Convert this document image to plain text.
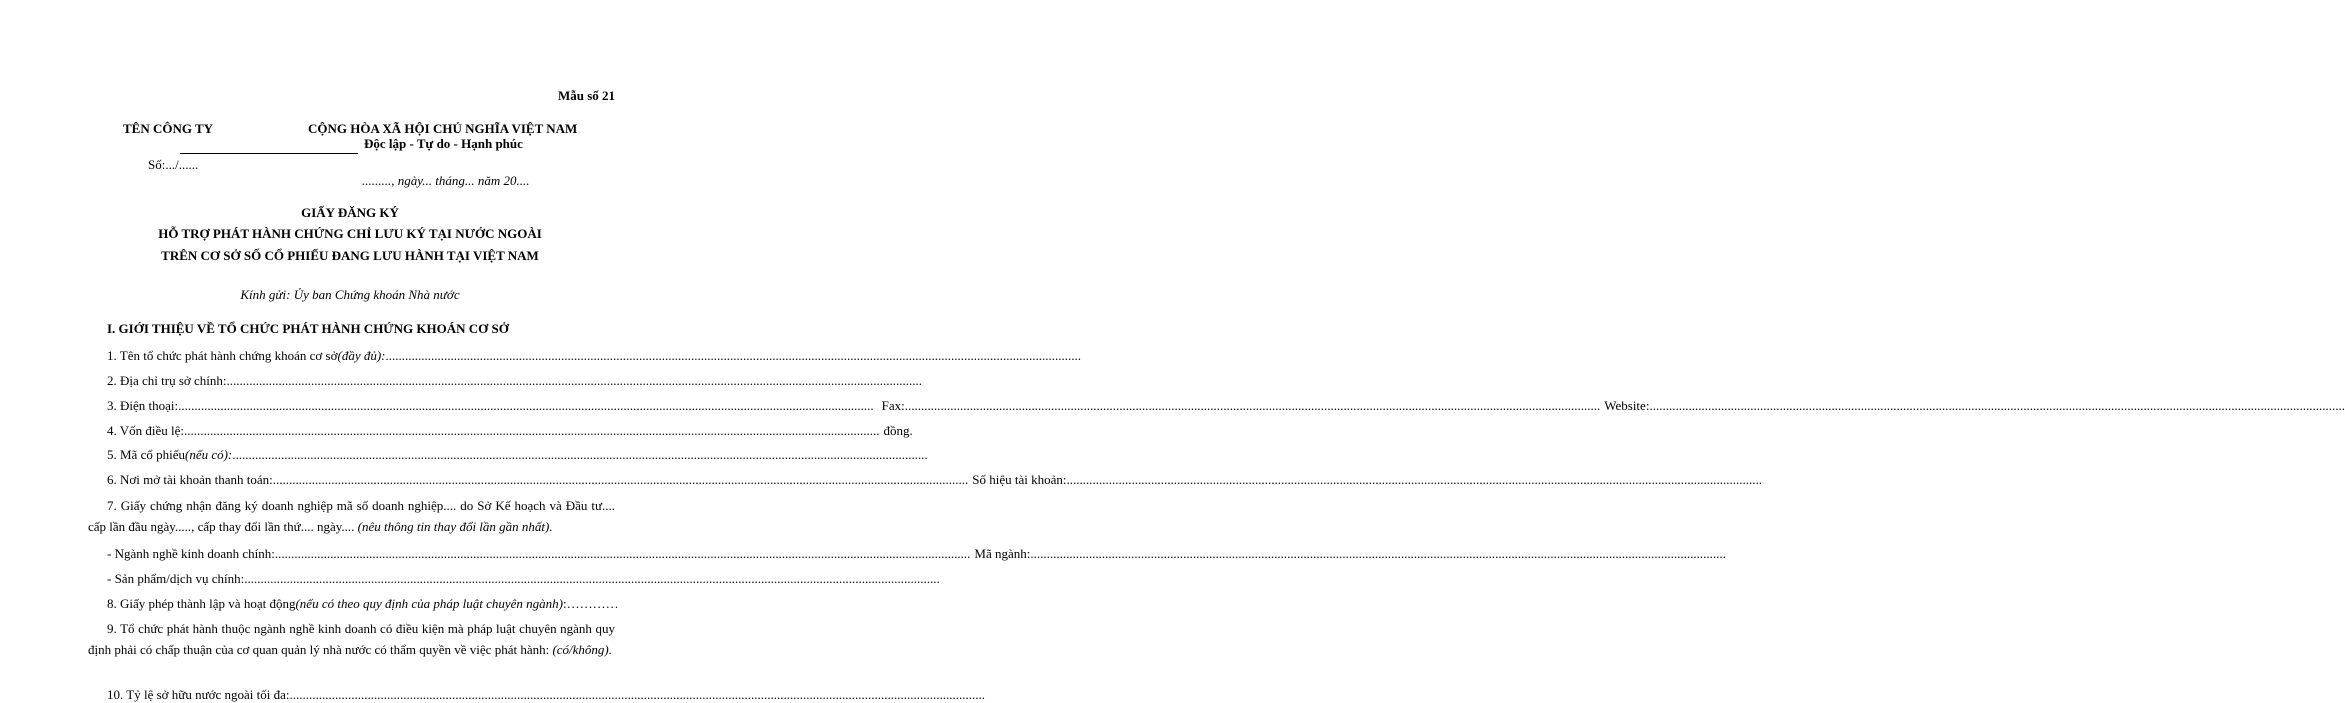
Mẫu số 21
TÊN CÔNG TY
Số:.../......
CỘNG HÒA XÃ HỘI CHỦ NGHĨA VIỆT NAM
Độc lập - Tự do - Hạnh phúc
........., ngày... tháng... năm 20....
GIẤY ĐĂNG KÝ
HỖ TRỢ PHÁT HÀNH CHỨNG CHỈ LƯU KÝ TẠI NƯỚC NGOÀI
TRÊN CƠ SỞ SỐ CỔ PHIẾU ĐANG LƯU HÀNH TẠI VIỆT NAM
Kính gửi: Ủy ban Chứng khoán Nhà nước
I. GIỚI THIỆU VỀ TỔ CHỨC PHÁT HÀNH CHỨNG KHOÁN CƠ SỞ
1. Tên tổ chức phát hành chứng khoán cơ sở (đầy đủ): ......................................................................................................................................................................................................................
2. Địa chỉ trụ sở chính: ......................................................................................................................................................................................................................
3. Điện thoại: ...................................................................................................................................................................................................................... Fax: ...................................................................................................................................................................................................................... Website: ......................................................................................................................................................................................................................
4. Vốn điều lệ: ...................................................................................................................................................................................................................... đồng.
5. Mã cổ phiếu (nếu có): ......................................................................................................................................................................................................................
6. Nơi mở tài khoản thanh toán: ...................................................................................................................................................................................................................... Số hiệu tài khoản: ......................................................................................................................................................................................................................
7. Giấy chứng nhận đăng ký doanh nghiệp mã số doanh nghiệp.... do Sở Kế hoạch và Đầu tư.... cấp lần đầu ngày....., cấp thay đổi lần thứ.... ngày.... (nêu thông tin thay đổi lần gần nhất).
- Ngành nghề kinh doanh chính: ...................................................................................................................................................................................................................... Mã ngành: ......................................................................................................................................................................................................................
- Sản phẩm/dịch vụ chính: ......................................................................................................................................................................................................................
8. Giấy phép thành lập và hoạt động (nếu có theo quy định của pháp luật chuyên ngành) :…………
9. Tổ chức phát hành thuộc ngành nghề kinh doanh có điều kiện mà pháp luật chuyên ngành quy định phải có chấp thuận của cơ quan quản lý nhà nước có thẩm quyền về việc phát hành: (có/không).
10. Tỷ lệ sở hữu nước ngoài tối đa: ......................................................................................................................................................................................................................
